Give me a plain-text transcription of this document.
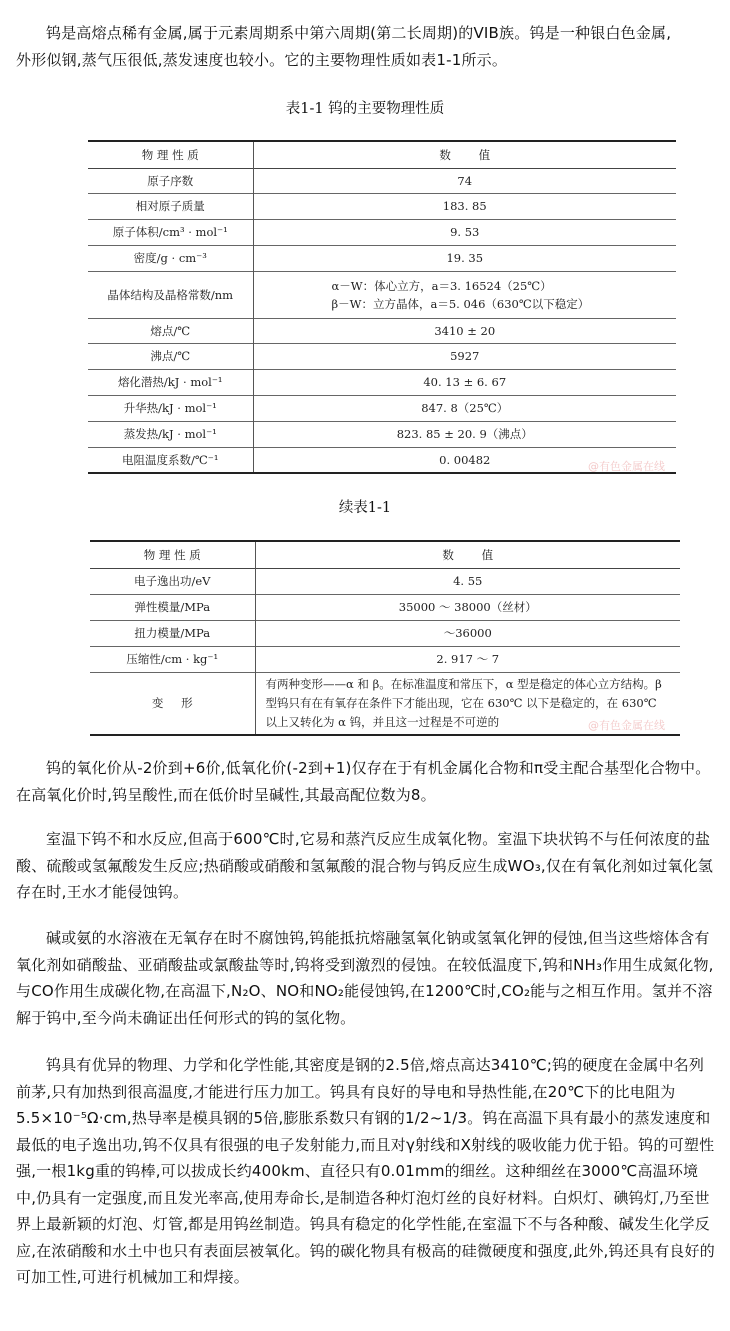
钨是高熔点稀有金属,属于元素周期系中第六周期(第二长周期)的VIB族。钨是一种银白色金属,
外形似钢,蒸气压很低,蒸发速度也较小。它的主要物理性质如表1-1所示。

表1-1 钨的主要物理性质
物 理 性 质	数 值
原子序数	74
相对原子质量	183. 85
原子体积/cm³ · mol⁻¹	9. 53
密度/g · cm⁻³	19. 35
晶体结构及晶格常数/nm	α－W：体心立方，a＝3. 16524（25℃）
β－W：立方晶体，a＝5. 046（630℃以下稳定）

熔点/℃	3410 ± 20
沸点/℃	5927
熔化潜热/kJ · mol⁻¹	40. 13 ± 6. 67
升华热/kJ · mol⁻¹	847. 8（25℃）
蒸发热/kJ · mol⁻¹	823. 85 ± 20. 9（沸点）
电阻温度系数/℃⁻¹	0. 00482	@有色金属在线
续表1-1
物 理 性 质	数 值
电子逸出功/eV	4. 55
弹性模量/MPa	35000 ～ 38000（丝材）
扭力模量/MPa	～36000
压缩性/cm · kg⁻¹	2. 917 ～ 7
变 形	有两种变形——α 和 β。在标准温度和常压下，α 型是稳定的体心立方结构。β 型钨只有在有氧存在条件下才能出现，它在 630℃ 以下是稳定的，在 630℃ 以上又转化为 α 钨，并且这一过程是不可逆的	@有色金属在线

钨的氧化价从-2价到+6价,低氧化价(-2到+1)仅存在于有机金属化合物和π受主配合基型化合物中。在高氧化价时,钨呈酸性,而在低价时呈碱性,其最高配位数为8。

室温下钨不和水反应,但高于600℃时,它易和蒸汽反应生成氧化物。室温下块状钨不与任何浓度的盐酸、硫酸或氢氟酸发生反应;热硝酸或硝酸和氢氟酸的混合物与钨反应生成WO₃,仅在有氧化剂如过氧化氢存在时,王水才能侵蚀钨。

碱或氨的水溶液在无氧存在时不腐蚀钨,钨能抵抗熔融氢氧化钠或氢氧化钾的侵蚀,但当这些熔体含有氧化剂如硝酸盐、亚硝酸盐或氯酸盐等时,钨将受到激烈的侵蚀。在较低温度下,钨和NH₃作用生成氮化物,与CO作用生成碳化物,在高温下,N₂O、NO和NO₂能侵蚀钨,在1200℃时,CO₂能与之相互作用。氢并不溶解于钨中,至今尚未确证出任何形式的钨的氢化物。

钨具有优异的物理、力学和化学性能,其密度是钢的2.5倍,熔点高达3410℃;钨的硬度在金属中名列前茅,只有加热到很高温度,才能进行压力加工。钨具有良好的导电和导热性能,在20℃下的比电阻为5.5×10⁻⁵Ω·cm,热导率是模具钢的5倍,膨胀系数只有钢的1/2~1/3。钨在高温下具有最小的蒸发速度和最低的电子逸出功,钨不仅具有很强的电子发射能力,而且对γ射线和X射线的吸收能力优于铅。钨的可塑性强,一根1kg重的钨棒,可以拔成长约400km、直径只有0.01mm的细丝。这种细丝在3000℃高温环境中,仍具有一定强度,而且发光率高,使用寿命长,是制造各种灯泡灯丝的良好材料。白炽灯、碘钨灯,乃至世界上最新颖的灯泡、灯管,都是用钨丝制造。钨具有稳定的化学性能,在室温下不与各种酸、碱发生化学反应,在浓硝酸和水土中也只有表面层被氧化。钨的碳化物具有极高的硅微硬度和强度,此外,钨还具有良好的可加工性,可进行机械加工和焊接。
